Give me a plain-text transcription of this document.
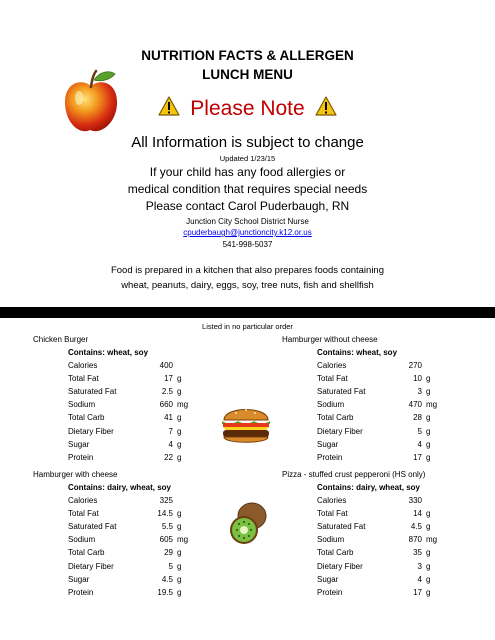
NUTRITION FACTS & ALLERGEN
LUNCH MENU
Please Note
All Information is subject to change
Updated 1/23/15
If your child has any food allergies or
medical condition that requires special needs
Please contact Carol Puderbaugh, RN
Junction City School District Nurse
cpuderbaugh@junctioncity.k12.or.us
541-998-5037
Food is prepared in a kitchen that also prepares foods containing
wheat, peanuts, dairy, eggs, soy, tree nuts, fish and shellfish
Listed in no particular order
Chicken Burger
Contains: wheat, soy
Calories	400
Total Fat	17 g
Saturated Fat	2.5 g
Sodium	660 mg
Total Carb	41 g
Dietary Fiber	7 g
Sugar	4 g
Protein	22 g
Hamburger without cheese
Contains: wheat, soy
Calories	270
Total Fat	10 g
Saturated Fat	3 g
Sodium	470 mg
Total Carb	28 g
Dietary Fiber	5 g
Sugar	4 g
Protein	17 g
Hamburger with cheese
Contains: dairy, wheat, soy
Calories	325
Total Fat	14.5 g
Saturated Fat	5.5 g
Sodium	605 mg
Total Carb	29 g
Dietary Fiber	5 g
Sugar	4.5 g
Protein	19.5 g
Pizza - stuffed crust pepperoni (HS only)
Contains: dairy, wheat, soy
Calories	330
Total Fat	14 g
Saturated Fat	4.5 g
Sodium	870 mg
Total Carb	35 g
Dietary Fiber	3 g
Sugar	4 g
Protein	17 g
